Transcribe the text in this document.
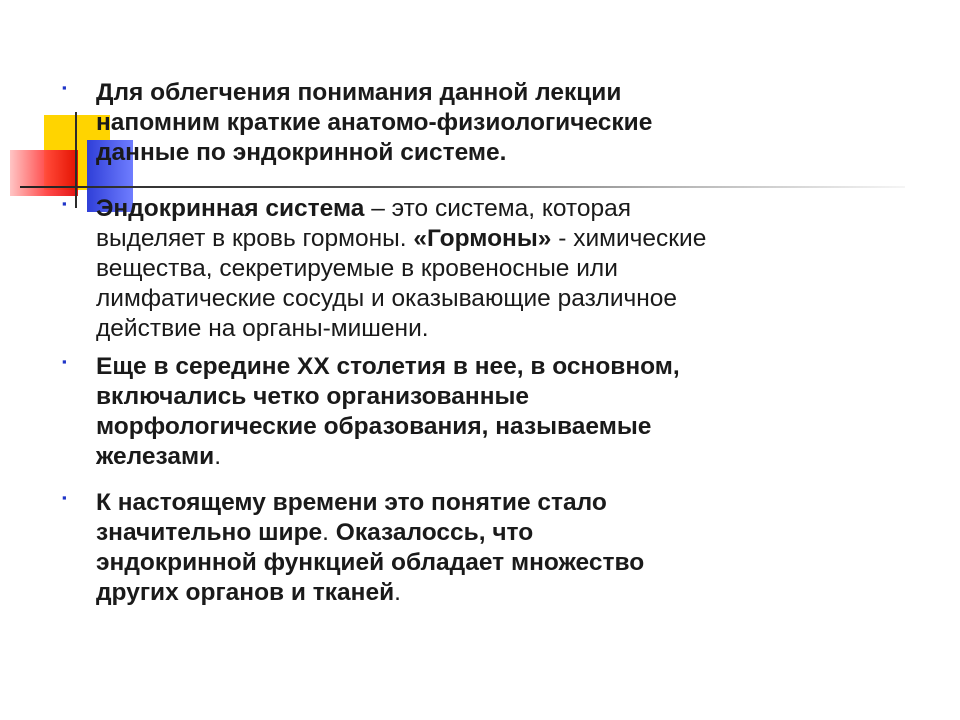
▪ Для облегчения понимания данной лекции
напомним краткие анатомо-физиологические
данные по эндокринной системе.
▪ Эндокринная система – это система, которая
выделяет в кровь гормоны. «Гормоны» - химические
вещества, секретируемые в кровеносные или
лимфатические сосуды и оказывающие различное
действие на органы-мишени.
▪ Еще в середине ХХ столетия в нее, в основном,
включались четко организованные
морфологические образования, называемые
железами.
▪ К настоящему времени это понятие стало
значительно шире. Оказалосcь, что
эндокринной функцией обладает множество
других органов и тканей.
